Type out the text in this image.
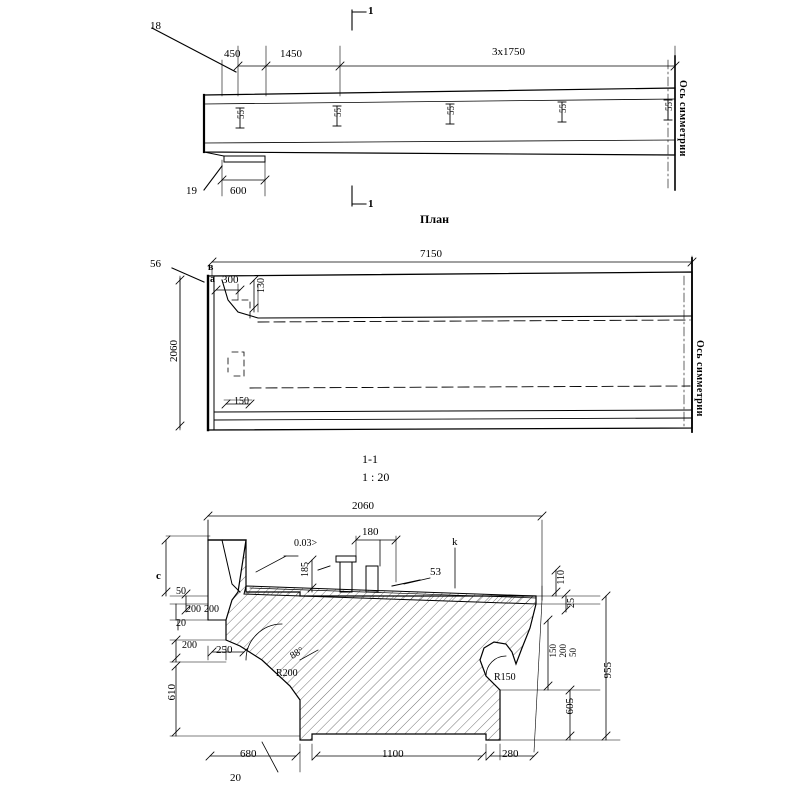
1
1
18
19
450	1450	3x1750
600
55	55	55	55	55 Ось симметрии
План
7150
56	в
а 300 130
2060
150	Ось симметрии
1-1
1 : 20
2060
0.03>	k
53
c
20
180
185
50
200 200
20
200 250
610
680	1100	280
110
25
150 200 50
605
955
88°
R200	R150
